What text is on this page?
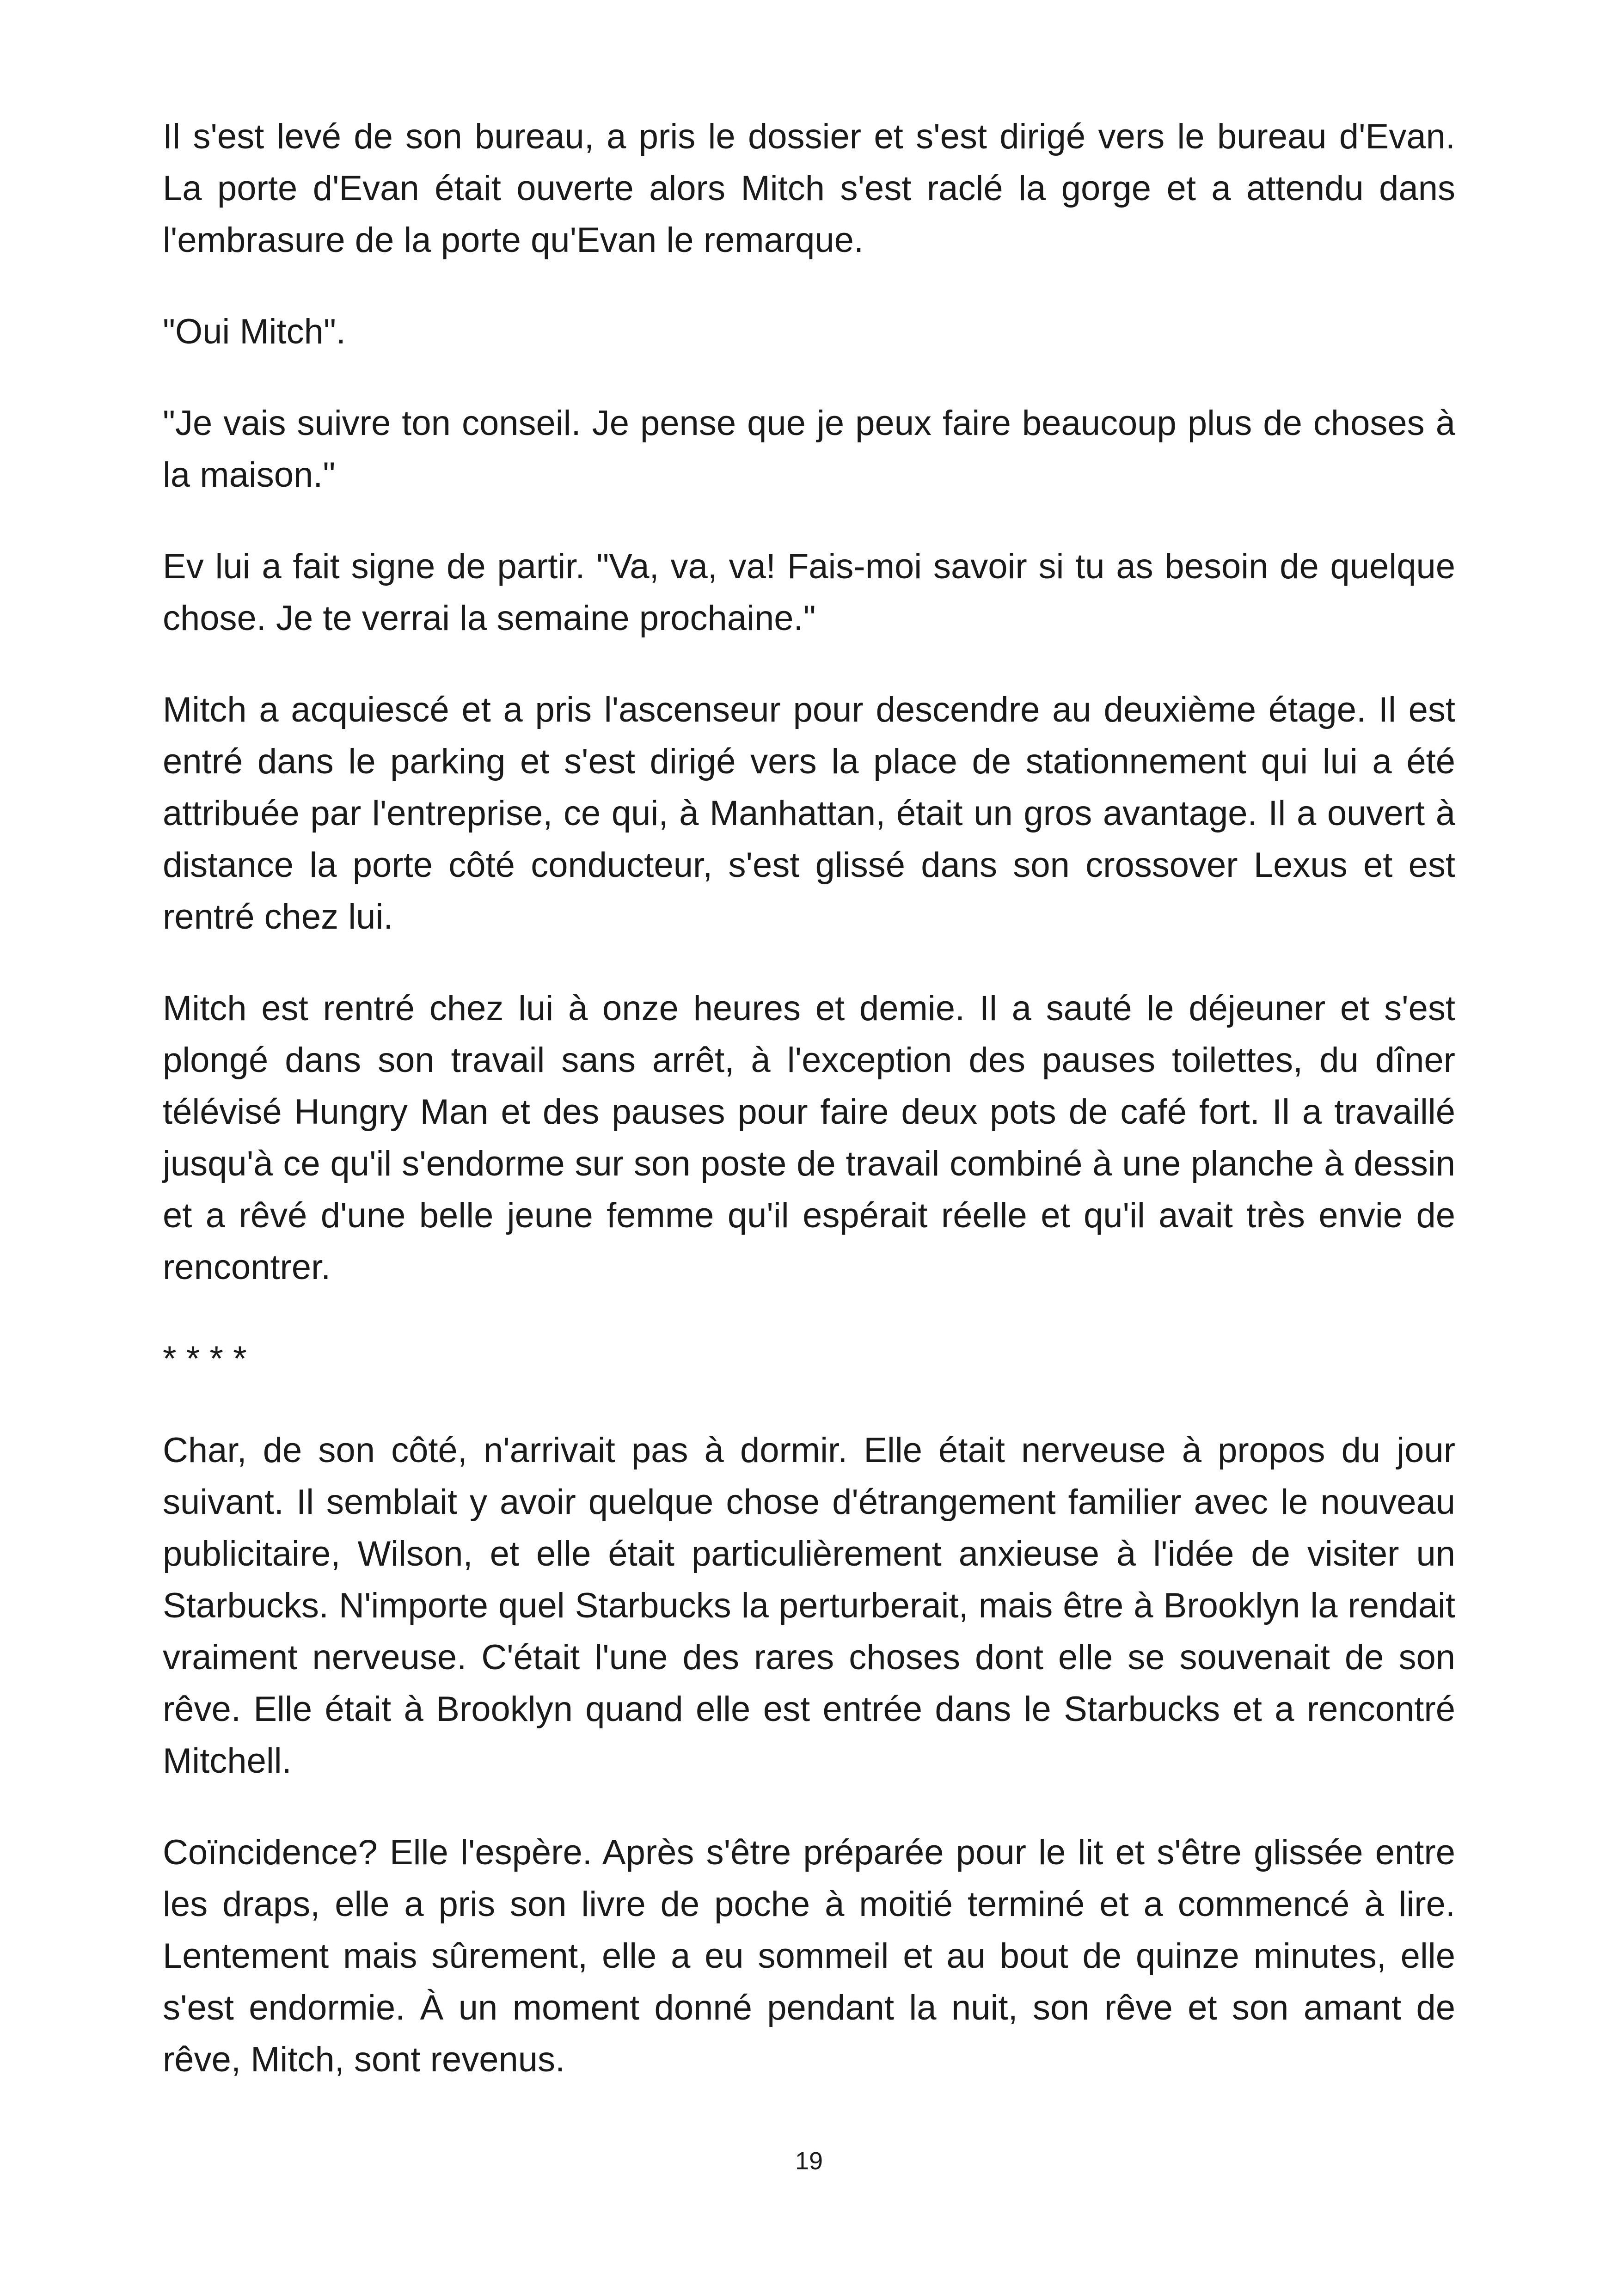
Il s'est levé de son bureau, a pris le dossier et s'est dirigé vers le bureau d'Evan. La porte d'Evan était ouverte alors Mitch s'est raclé la gorge et a attendu dans l'embrasure de la porte qu'Evan le remarque.

"Oui Mitch".

"Je vais suivre ton conseil. Je pense que je peux faire beaucoup plus de choses à la maison."

Ev lui a fait signe de partir. "Va, va, va! Fais-moi savoir si tu as besoin de quelque chose. Je te verrai la semaine prochaine."

Mitch a acquiescé et a pris l'ascenseur pour descendre au deuxième étage. Il est entré dans le parking et s'est dirigé vers la place de stationnement qui lui a été attribuée par l'entreprise, ce qui, à Manhattan, était un gros avantage. Il a ouvert à distance la porte côté conducteur, s'est glissé dans son crossover Lexus et est rentré chez lui.

Mitch est rentré chez lui à onze heures et demie. Il a sauté le déjeuner et s'est plongé dans son travail sans arrêt, à l'exception des pauses toilettes, du dîner télévisé Hungry Man et des pauses pour faire deux pots de café fort. Il a travaillé jusqu'à ce qu'il s'endorme sur son poste de travail combiné à une planche à dessin et a rêvé d'une belle jeune femme qu'il espérait réelle et qu'il avait très envie de rencontrer.

* * * *

Char, de son côté, n'arrivait pas à dormir. Elle était nerveuse à propos du jour suivant. Il semblait y avoir quelque chose d'étrangement familier avec le nouveau publicitaire, Wilson, et elle était particulièrement anxieuse à l'idée de visiter un Starbucks. N'importe quel Starbucks la perturberait, mais être à Brooklyn la rendait vraiment nerveuse. C'était l'une des rares choses dont elle se souvenait de son rêve. Elle était à Brooklyn quand elle est entrée dans le Starbucks et a rencontré Mitchell.

Coïncidence? Elle l'espère. Après s'être préparée pour le lit et s'être glissée entre les draps, elle a pris son livre de poche à moitié terminé et a commencé à lire. Lentement mais sûrement, elle a eu sommeil et au bout de quinze minutes, elle s'est endormie. À un moment donné pendant la nuit, son rêve et son amant de rêve, Mitch, sont revenus.

19
